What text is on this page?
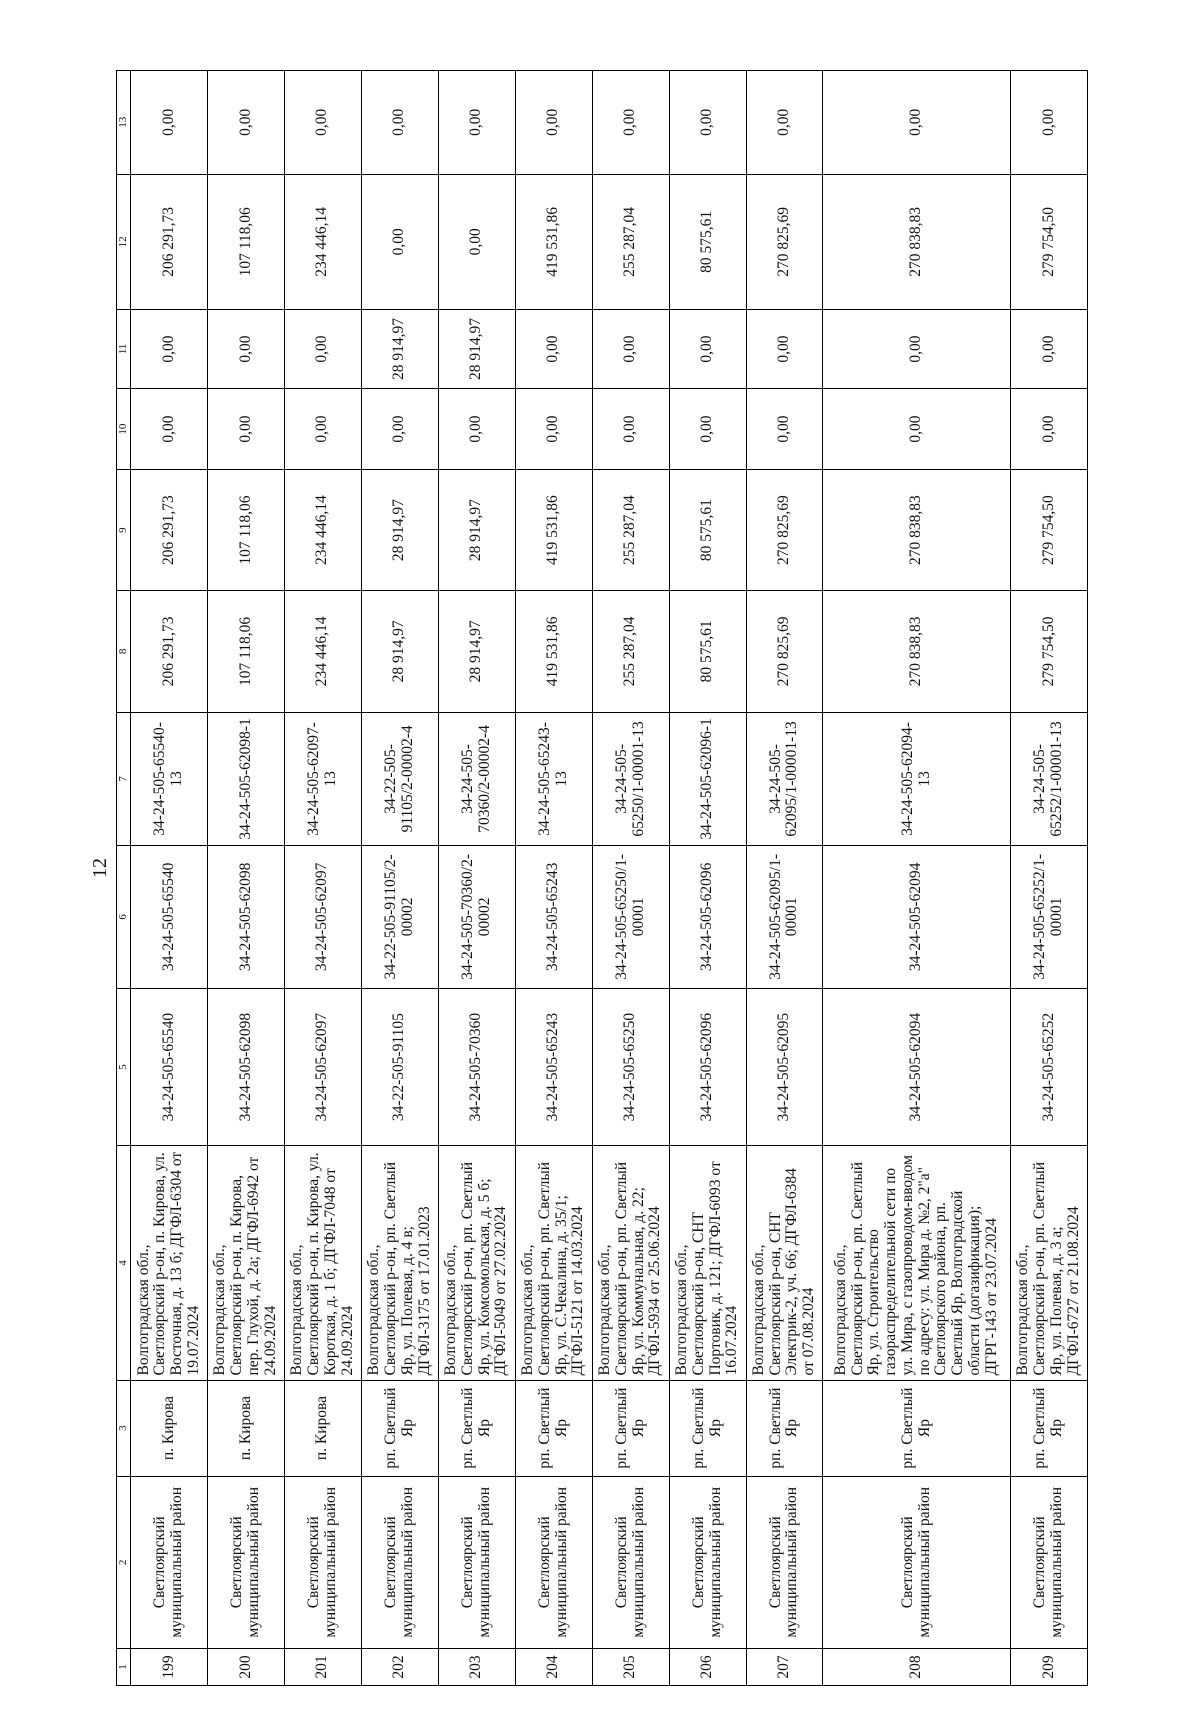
12
1	2	3	4	5	6	7	8	9	10	11	12	13
199	Светлоярский муниципальный район	п. Кирова	Волгоградская обл., Светлоярский р-он, п. Кирова, ул. Восточная, д. 13 б; ДГФЛ-6304 от 19.07.2024	34-24-505-65540	34-24-505-65540	34-24-505-65540-13	206 291,73	206 291,73	0,00	0,00	206 291,73	0,00
200	Светлоярский муниципальный район	п. Кирова	Волгоградская обл., Светлоярский р-он, п. Кирова, пер. Глухой, д. 2а; ДГФЛ-6942 от 24.09.2024	34-24-505-62098	34-24-505-62098	34-24-505-62098-1	107 118,06	107 118,06	0,00	0,00	107 118,06	0,00
201	Светлоярский муниципальный район	п. Кирова	Волгоградская обл., Светлоярский р-он, п. Кирова, ул. Короткая, д. 1 б; ДГФЛ-7048 от 24.09.2024	34-24-505-62097	34-24-505-62097	34-24-505-62097-13	234 446,14	234 446,14	0,00	0,00	234 446,14	0,00
202	Светлоярский муниципальный район	рп. Светлый Яр	Волгоградская обл., Светлоярский р-он, рп. Светлый Яр, ул. Полевая, д. 4 в; ДГФЛ-3175 от 17.01.2023	34-22-505-91105	34-22-505-91105/2-00002	34-22-505-91105/2-00002-4	28 914,97	28 914,97	0,00	28 914,97	0,00	0,00
203	Светлоярский муниципальный район	рп. Светлый Яр	Волгоградская обл., Светлоярский р-он, рп. Светлый Яр, ул. Комсомольская, д. 5 б; ДГФЛ-5049 от 27.02.2024	34-24-505-70360	34-24-505-70360/2-00002	34-24-505-70360/2-00002-4	28 914,97	28 914,97	0,00	28 914,97	0,00	0,00
204	Светлоярский муниципальный район	рп. Светлый Яр	Волгоградская обл., Светлоярский р-он, рп. Светлый Яр, ул. С.Чекалина, д. 35/1; ДГФЛ-5121 от 14.03.2024	34-24-505-65243	34-24-505-65243	34-24-505-65243-13	419 531,86	419 531,86	0,00	0,00	419 531,86	0,00
205	Светлоярский муниципальный район	рп. Светлый Яр	Волгоградская обл., Светлоярский р-он, рп. Светлый Яр, ул. Коммунальная, д. 22; ДГФЛ-5934 от 25.06.2024	34-24-505-65250	34-24-505-65250/1-00001	34-24-505-65250/1-00001-13	255 287,04	255 287,04	0,00	0,00	255 287,04	0,00
206	Светлоярский муниципальный район	рп. Светлый Яр	Волгоградская обл., Светлоярский р-он, СНТ Портовик, д. 121; ДГФЛ-6093 от 16.07.2024	34-24-505-62096	34-24-505-62096	34-24-505-62096-1	80 575,61	80 575,61	0,00	0,00	80 575,61	0,00
207	Светлоярский муниципальный район	рп. Светлый Яр	Волгоградская обл., Светлоярский р-он, СНТ Электрик-2, уч. 66; ДГФЛ-6384 от 07.08.2024	34-24-505-62095	34-24-505-62095/1-00001	34-24-505-62095/1-00001-13	270 825,69	270 825,69	0,00	0,00	270 825,69	0,00
208	Светлоярский муниципальный район	рп. Светлый Яр	Волгоградская обл., Светлоярский р-он, рп. Светлый Яр, ул. Строительство газораспределительной сети по ул. Мира, с газопроводом-вводом по адресу: ул. Мира д. №2, 2"а" Светлоярского района, рп. Светлый Яр, Волгоградской области (догазификация); ДГРГ-143 от 23.07.2024	34-24-505-62094	34-24-505-62094	34-24-505-62094-13	270 838,83	270 838,83	0,00	0,00	270 838,83	0,00
209	Светлоярский муниципальный район	рп. Светлый Яр	Волгоградская обл., Светлоярский р-он, рп. Светлый Яр, ул. Полевая, д. 3 а; ДГФЛ-6727 от 21.08.2024	34-24-505-65252	34-24-505-65252/1-00001	34-24-505-65252/1-00001-13	279 754,50	279 754,50	0,00	0,00	279 754,50	0,00
